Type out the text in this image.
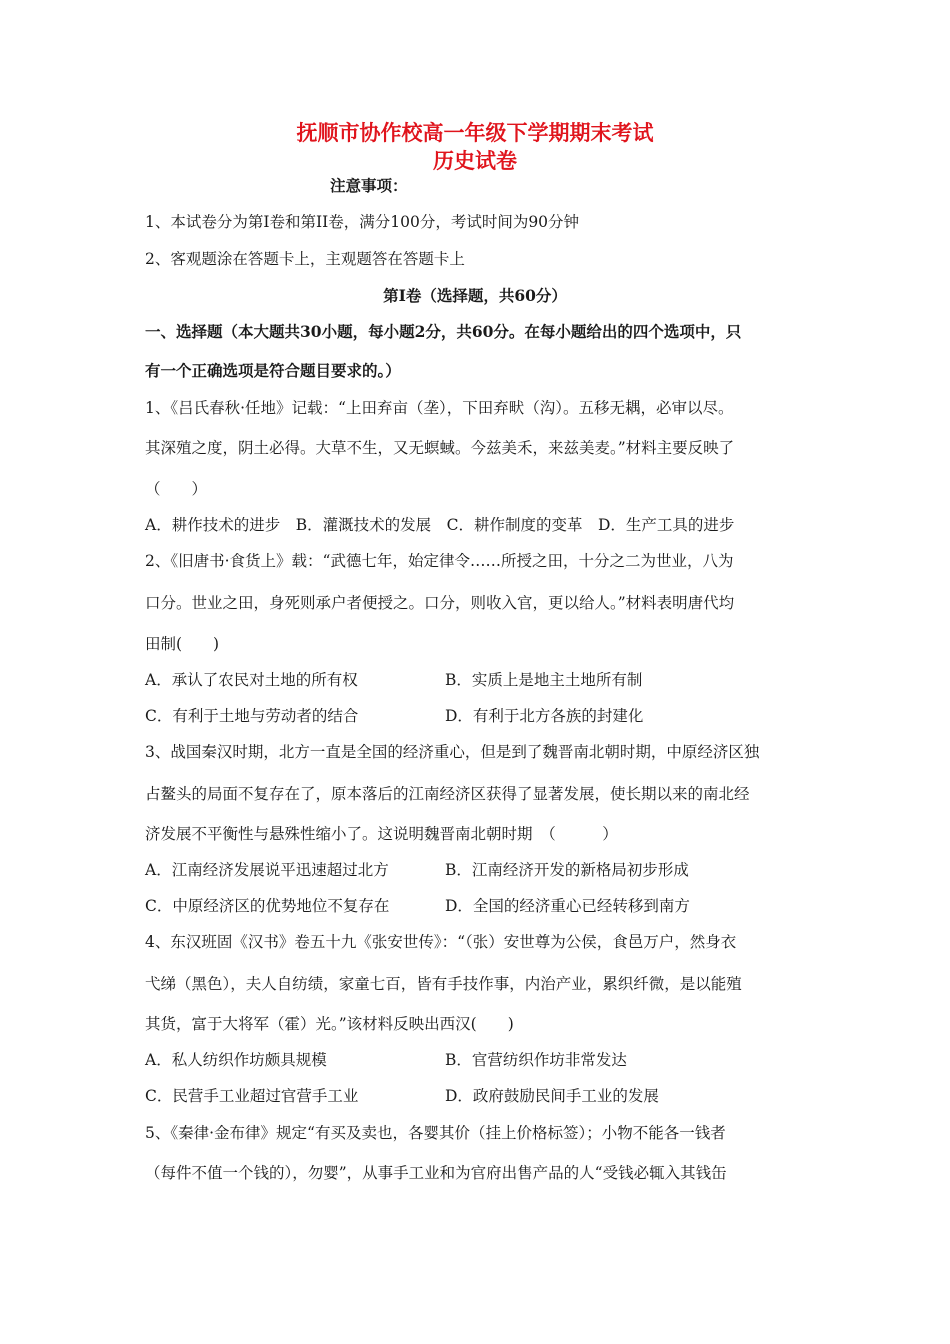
抚顺市协作校高一年级下学期期末考试
历史试卷
注意事项：
1、本试卷分为第I卷和第II卷，满分100分，考试时间为90分钟
2、客观题涂在答题卡上，主观题答在答题卡上
第I卷（选择题，共60分）
一、选择题（本大题共30小题，每小题2分，共60分。在每小题给出的四个选项中，只
有一个正确选项是符合题目要求的。）
1、《吕氏春秋·任地》记载：“上田弃亩（垄），下田弃畎（沟）。五移无耦，必审以尽。
其深殖之度，阴土必得。大草不生，又无螟蜮。今兹美禾，来兹美麦。”材料主要反映了
（　　）
A．耕作技术的进步　B．灌溉技术的发展　C．耕作制度的变革　D．生产工具的进步
2、《旧唐书·食货上》载：“武德七年，始定律令……所授之田，十分之二为世业，八为
口分。世业之田，身死则承户者便授之。口分，则收入官，更以给人。”材料表明唐代均
田制(　　)
A．承认了农民对土地的所有权	B．实质上是地主土地所有制
C．有利于土地与劳动者的结合	D．有利于北方各族的封建化
3、战国秦汉时期，北方一直是全国的经济重心，但是到了魏晋南北朝时期，中原经济区独
占鳌头的局面不复存在了，原本落后的江南经济区获得了显著发展，使长期以来的南北经
济发展不平衡性与悬殊性缩小了。这说明魏晋南北朝时期　（　　　）
A．江南经济发展说平迅速超过北方	B．江南经济开发的新格局初步形成
C．中原经济区的优势地位不复存在	D．全国的经济重心已经转移到南方
4、东汉班固《汉书》卷五十九《张安世传》：“（张）安世尊为公侯，食邑万户，然身衣
弋绨（黑色），夫人自纺绩，家童七百，皆有手技作事，内治产业，累织纤微，是以能殖
其货，富于大将军（霍）光。”该材料反映出西汉(　　)
A．私人纺织作坊颇具规模	B．官营纺织作坊非常发达
C．民营手工业超过官营手工业	D．政府鼓励民间手工业的发展
5、《秦律·金布律》规定“有买及卖也，各婴其价（挂上价格标签）；小物不能各一钱者
（每件不值一个钱的），勿婴”，从事手工业和为官府出售产品的人“受钱必辄入其钱缶
